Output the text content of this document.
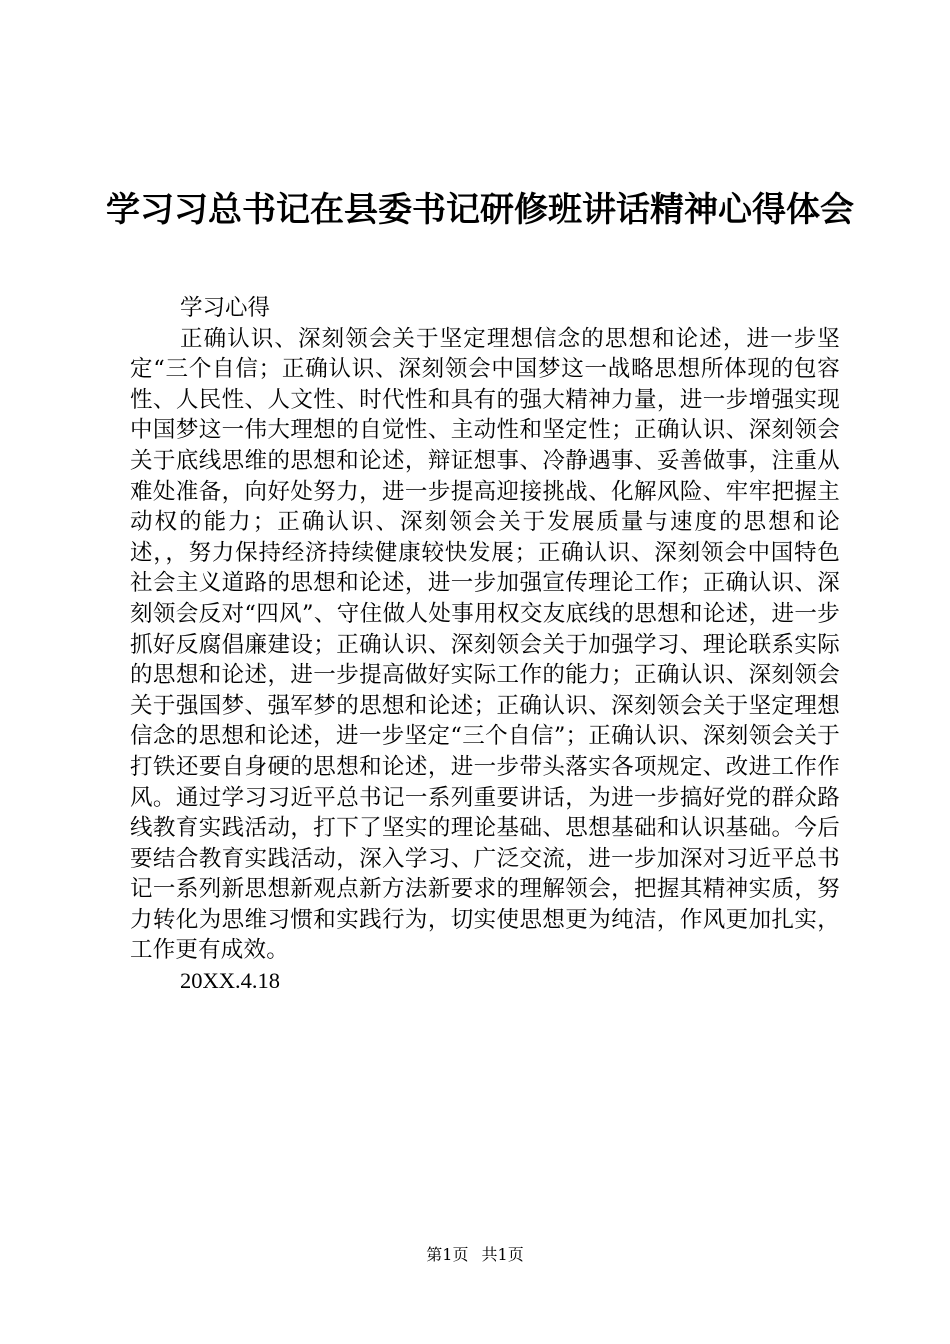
学习习总书记在县委书记研修班讲话精神心得体会

学习心得

正确认识、深刻领会关于坚定理想信念的思想和论述，进一步坚定“三个自信；正确认识、深刻领会中国梦这一战略思想所体现的包容性、人民性、人文性、时代性和具有的强大精神力量，进一步增强实现中国梦这一伟大理想的自觉性、主动性和坚定性；正确认识、深刻领会关于底线思维的思想和论述，辩证想事、冷静遇事、妥善做事，注重从难处准备，向好处努力，进一步提高迎接挑战、化解风险、牢牢把握主动权的能力；正确认识、深刻领会关于发展质量与速度的思想和论述，，努力保持经济持续健康较快发展；正确认识、深刻领会中国特色社会主义道路的思想和论述，进一步加强宣传理论工作；正确认识、深刻领会反对“四风”、守住做人处事用权交友底线的思想和论述，进一步抓好反腐倡廉建设；正确认识、深刻领会关于加强学习、理论联系实际的思想和论述，进一步提高做好实际工作的能力；正确认识、深刻领会关于强国梦、强军梦的思想和论述；正确认识、深刻领会关于坚定理想信念的思想和论述，进一步坚定“三个自信”；正确认识、深刻领会关于打铁还要自身硬的思想和论述，进一步带头落实各项规定、改进工作作风。通过学习习近平总书记一系列重要讲话，为进一步搞好党的群众路线教育实践活动，打下了坚实的理论基础、思想基础和认识基础。今后要结合教育实践活动，深入学习、广泛交流，进一步加深对习近平总书记一系列新思想新观点新方法新要求的理解领会，把握其精神实质，努力转化为思维习惯和实践行为，切实使思想更为纯洁，作风更加扎实，工作更有成效。

20XX.4.18

第1页 共1页
